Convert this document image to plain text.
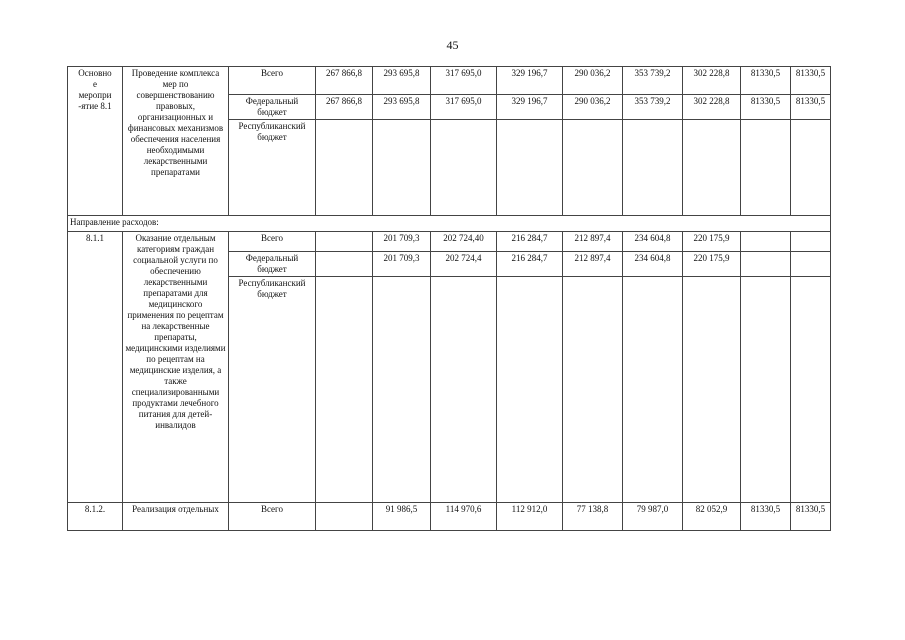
45
Основно
е
меропри
-ятие 8.1	Проведение комплекса мер по совершенствованию правовых, организационных и финансовых механизмов обеспечения населения необходимыми лекарственными препаратами	Всего	267 866,8	293 695,8	317 695,0	329 196,7	290 036,2	353 739,2	302 228,8	81330,5	81330,5
		Федеральный бюджет	267 866,8	293 695,8	317 695,0	329 196,7	290 036,2	353 739,2	302 228,8	81330,5	81330,5
		Республиканский бюджет									
Направление расходов:											
8.1.1	Оказание отдельным категориям граждан социальной услуги по обеспечению лекарственными препаратами для медицинского применения по рецептам на лекарственные препараты, медицинскими изделиями по рецептам на медицинские изделия, а также специализированными продуктами лечебного питания для детей-инвалидов	Всего		201 709,3	202 724,40	216 284,7	212 897,4	234 604,8	220 175,9		
		Федеральный бюджет		201 709,3	202 724,4	216 284,7	212 897,4	234 604,8	220 175,9		
		Республиканский бюджет									
8.1.2.	Реализация отдельных	Всего		91 986,5	114 970,6	112 912,0	77 138,8	79 987,0	82 052,9	81330,5	81330,5
